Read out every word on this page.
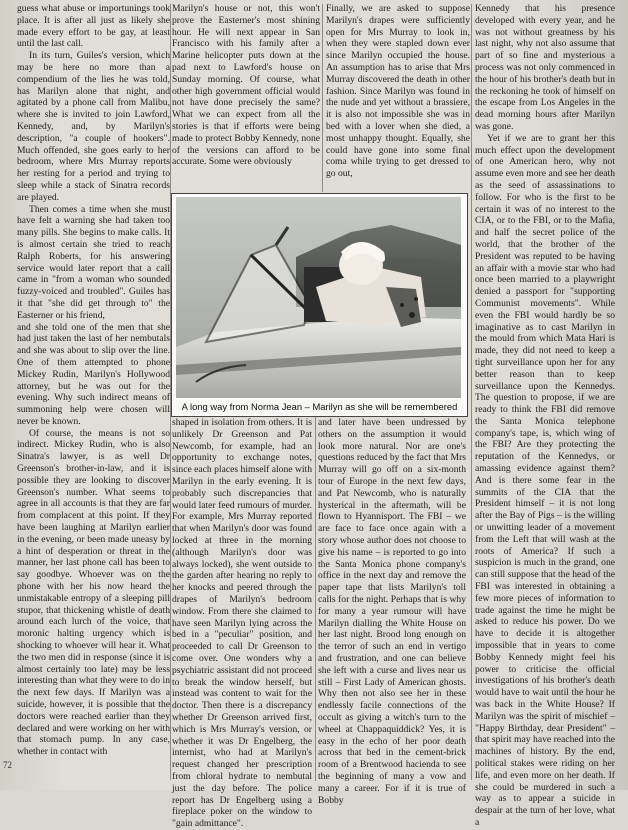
guess what abuse or importunings took place. It is after all just as likely she made every effort to be gay, at least until the last call.

In its turn, Guiles's version, which may be here no more than a compendium of the lies he was told, has Marilyn alone that night, and agitated by a phone call from Malibu, where she is invited to join Lawford, Kennedy, and, by Marilyn's description, "a couple of hookers". Much offended, she goes early to her bedroom, where Mrs Murray reports her resting for a period and trying to sleep while a stack of Sinatra records are played.

Then comes a time when she must have felt a warning she had taken too many pills. She begins to make calls. It is almost certain she tried to reach Ralph Roberts, for his answering service would later report that a call came in "from a woman who sounded fuzzy-voiced and troubled". Guiles has it that "she did get through to" the Easterner or his friend,

and she told one of the men that she had just taken the last of her nembutals and she was about to slip over the line. One of them attempted to phone Mickey Rudin, Marilyn's Hollywood attorney, but he was out for the evening. Why such indirect means of summoning help were chosen will never be known.

Of course, the means is not so indirect. Mickey Rudin, who is also Sinatra's lawyer, is as well Dr Greenson's brother-in-law, and it is possible they are looking to discover Greenson's number. What seems to agree in all accounts is that they are far from complacent at this point. If they have been laughing at Marilyn earlier in the evening, or been made uneasy by a hint of desperation or threat in the manner, her last phone call has been to say goodbye. Whoever was on the phone with her his now heard the unmistakable entropy of a sleeping pill stupor, that thickening whistle of death around each lurch of the voice, that moronic halting urgency which is shocking to whoever will hear it. What the two men did in response (since it is almost certainly too late) may be less interesting than what they were to do in the next few days. If Marilyn was a suicide, however, it is possible that the doctors were reached earlier than they declared and were working on her with that stomach pump. In any case, whether in contact with

Marilyn's house or not, this won't prove the Easterner's most shining hour. He will next appear in San Francisco with his family after a Marine helicopter puts down at the pad next to Lawford's house on Sunday morning. Of course, what other high government official would not have done precisely the same? What we can expect from all the stories is that if efforts were being made to protect Bobby Kennedy, none of the versions can afford to be accurate. Some were obviously

Finally, we are asked to suppose Marilyn's drapes were sufficiently open for Mrs Murray to look in, when they were stapled down ever since Marilyn occupied the house. An assumption has to arise that Mrs Murray discovered the death in other fashion. Since Marilyn was found in the nude and yet without a brassiere, it is also not impossible she was in bed with a lover when she died, a most unhappy thought. Equally, she could have gone into some final coma while trying to get dressed to go out,

A long way from Norma Jean – Marilyn as she will be remembered

shaped in isolation from others. It is unlikely Dr Greenson and Pat Newcomb, for example, had an opportunity to exchange notes, since each places himself alone with Marilyn in the early evening. It is probably such discrepancies that would later feed rumours of murder. For example, Mrs Murray reported that when Marilyn's door was found locked at three in the morning (although Marilyn's door was always locked), she went outside to the garden after hearing no reply to her knocks and peered through the drapes of Marilyn's bedroom window. From there she claimed to have seen Marilyn lying across the bed in a "peculiar" position, and proceeded to call Dr Greenson to come over. One wonders why a psychiatric assistant did not proceed to break the window herself, but instead was content to wait for the doctor. Then there is a discrepancy whether Dr Greenson arrived first, which is Mrs Murray's version, or whether it was Dr Engelberg, the internist, who had at Marilyn's request changed her prescription from chloral hydrate to nembutal just the day before. The police report has Dr Engelberg using a fireplace poker on the window to "gain admittance".

and later have been undressed by others on the assumption it would look more natural. Nor are one's questions reduced by the fact that Mrs Murray will go off on a six-month tour of Europe in the next few days, and Pat Newcomb, who is naturally hysterical in the aftermath, will be flown to Hyannisport. The FBI – we are face to face once again with a story whose author does not choose to give his name – is reported to go into the Santa Monica phone company's office in the next day and remove the paper tape that lists Marilyn's toll calls for the night. Perhaps that is why for many a year rumour will have Marilyn dialling the White House on her last night. Brood long enough on the terror of such an end in vertigo and frustration, and one can believe she left with a curse and lives near us still – First Lady of American ghosts. Why then not also see her in these endlessly facile connections of the occult as giving a witch's turn to the wheel at Chappaquiddick? Yes, it is easy in the echo of her poor death across that bed in the cement-brick room of a Brentwood hacienda to see the beginning of many a vow and many a career. For if it is true of Bobby

Kennedy that his presence developed with every year, and he was not without greatness by his last night, why not also assume that part of so fine and mysterious a process was not only commenced in the hour of his brother's death but in the reckoning he took of himself on the escape from Los Angeles in the dead morning hours after Marilyn was gone.

Yet if we are to grant her this much effect upon the development of one American hero, why not assume even more and see her death as the seed of assassinations to follow. For who is the first to be certain it was of no interest to the CIA, or to the FBI, or to the Mafia, and half the secret police of the world, that the brother of the President was reputed to be having an affair with a movie star who had once been married to a playwright denied a passport for "supporting Communist movements". While even the FBI would hardly be so imaginative as to cast Marilyn in the mould from which Mata Hari is made, they did not need to keep a tight surveillance upon her for any better reason than to keep surveillance upon the Kennedys. The question to propose, if we are ready to think the FBI did remove the Santa Monica telephone company's tape, is, which wing of the FBI? Are they protecting the reputation of the Kennedys, or amassing evidence against them? And is there some fear in the summits of the CIA that the President himself – it is not long after the Bay of Pigs – is the willing or unwitting leader of a movement from the Left that will wash at the roots of America? If such a suspicion is much in the grand, one can still suppose that the head of the FBI was interested in obtaining a few more pieces of information to trade against the time he might be asked to reduce his power. Do we have to decide it is altogether impossible that in years to come Bobby Kennedy might feel his power to criticise the official investigations of his brother's death would have to wait until the hour he was back in the White House? If Marilyn was the spirit of mischief – "Happy Birthday, dear President" – that spirit may have reached into the machines of history. By the end, political stakes were riding on her life, and even more on her death. If she could be murdered in such a way as to appear a suicide in despair at the turn of her love, what a

72
